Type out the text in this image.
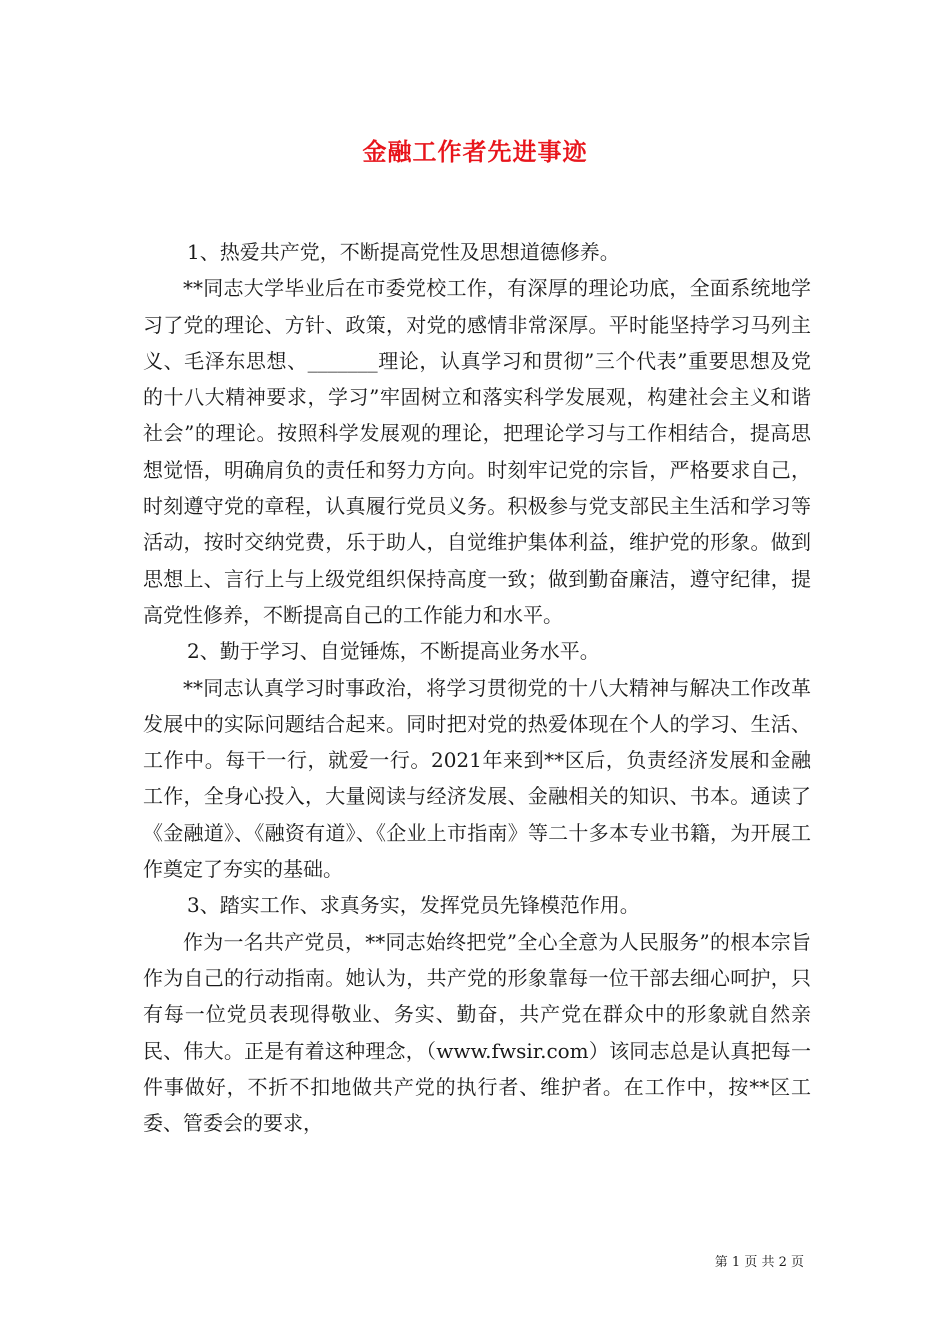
金融工作者先进事迹

1、热爱共产党，不断提高党性及思想道德修养。

**同志大学毕业后在市委党校工作，有深厚的理论功底，全面系统地学习了党的理论、方针、政策，对党的感情非常深厚。平时能坚持学习马列主义、毛泽东思想、_______理论，认真学习和贯彻”三个代表”重要思想及党的十八大精神要求，学习”牢固树立和落实科学发展观，构建社会主义和谐社会”的理论。按照科学发展观的理论，把理论学习与工作相结合，提高思想觉悟，明确肩负的责任和努力方向。时刻牢记党的宗旨，严格要求自己，时刻遵守党的章程，认真履行党员义务。积极参与党支部民主生活和学习等活动，按时交纳党费，乐于助人，自觉维护集体利益，维护党的形象。做到思想上、言行上与上级党组织保持高度一致；做到勤奋廉洁，遵守纪律，提高党性修养，不断提高自己的工作能力和水平。

2、勤于学习、自觉锤炼，不断提高业务水平。

**同志认真学习时事政治，将学习贯彻党的十八大精神与解决工作改革发展中的实际问题结合起来。同时把对党的热爱体现在个人的学习、生活、工作中。每干一行，就爱一行。2021年来到**区后，负责经济发展和金融工作，全身心投入，大量阅读与经济发展、金融相关的知识、书本。通读了《金融道》、《融资有道》、《企业上市指南》等二十多本专业书籍，为开展工作奠定了夯实的基础。

3、踏实工作、求真务实，发挥党员先锋模范作用。

作为一名共产党员，**同志始终把党”全心全意为人民服务”的根本宗旨作为自己的行动指南。她认为，共产党的形象靠每一位干部去细心呵护，只有每一位党员表现得敬业、务实、勤奋，共产党在群众中的形象就自然亲民、伟大。正是有着这种理念，（www.fwsir.com）该同志总是认真把每一件事做好，不折不扣地做共产党的执行者、维护者。在工作中，按**区工委、管委会的要求，

第 1 页 共 2 页
